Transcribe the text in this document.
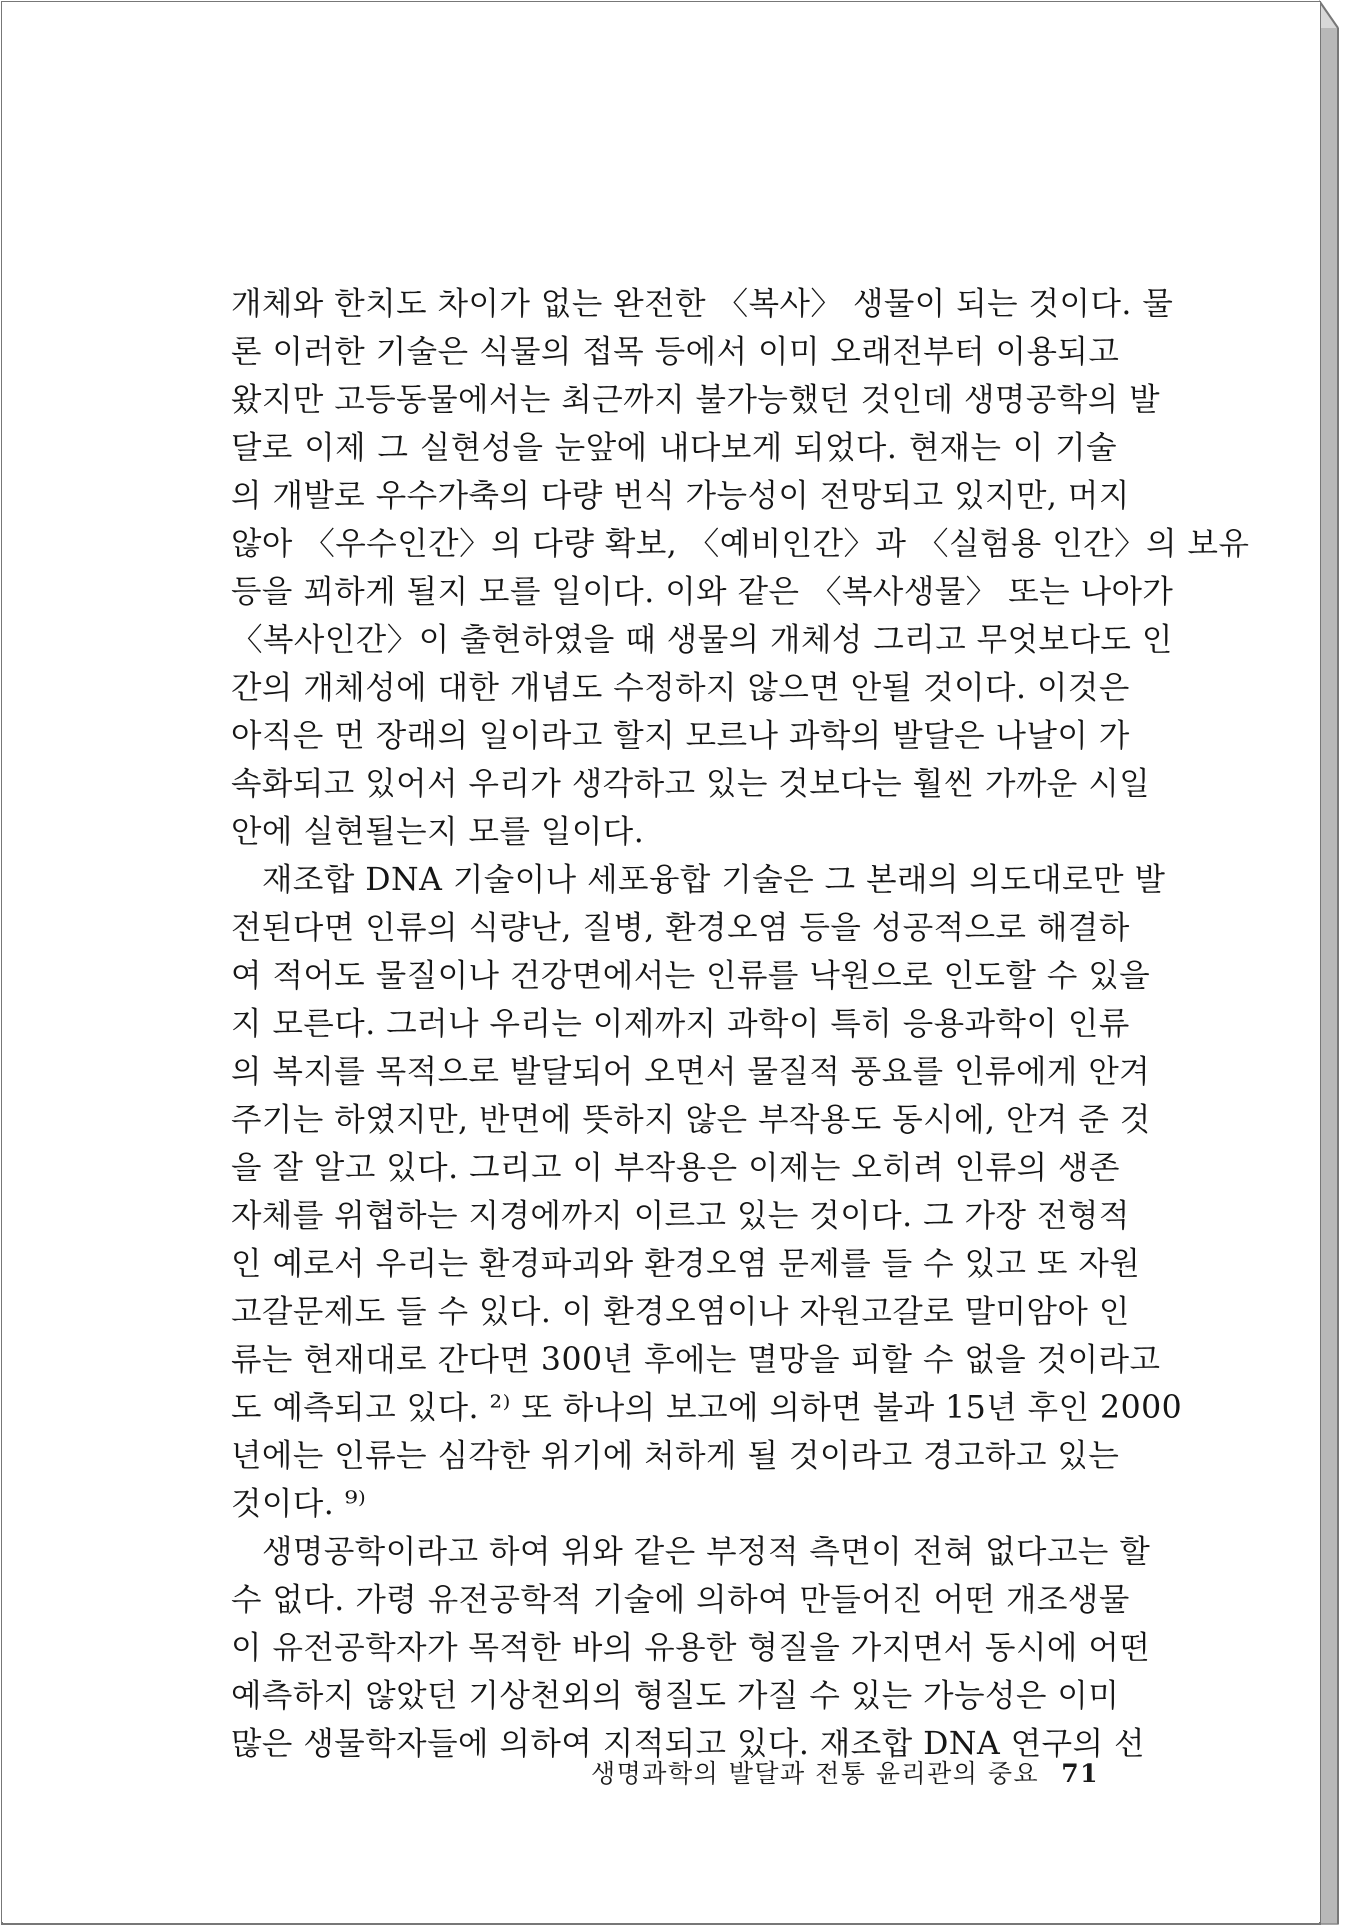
개체와 한치도 차이가 없는 완전한 〈복사〉 생물이 되는 것이다. 물
론 이러한 기술은 식물의 접목 등에서 이미 오래전부터 이용되고
왔지만 고등동물에서는 최근까지 불가능했던 것인데 생명공학의 발
달로 이제 그 실현성을 눈앞에 내다보게 되었다. 현재는 이 기술
의 개발로 우수가축의 다량 번식 가능성이 전망되고 있지만, 머지
않아 〈우수인간〉의 다량 확보, 〈예비인간〉과 〈실험용 인간〉의 보유
등을 꾀하게 될지 모를 일이다. 이와 같은 〈복사생물〉 또는 나아가
〈복사인간〉이 출현하였을 때 생물의 개체성 그리고 무엇보다도 인
간의 개체성에 대한 개념도 수정하지 않으면 안될 것이다. 이것은
아직은 먼 장래의 일이라고 할지 모르나 과학의 발달은 나날이 가
속화되고 있어서 우리가 생각하고 있는 것보다는 훨씬 가까운 시일
안에 실현될는지 모를 일이다.
재조합 DNA 기술이나 세포융합 기술은 그 본래의 의도대로만 발
전된다면 인류의 식량난, 질병, 환경오염 등을 성공적으로 해결하
여 적어도 물질이나 건강면에서는 인류를 낙원으로 인도할 수 있을
지 모른다. 그러나 우리는 이제까지 과학이 특히 응용과학이 인류
의 복지를 목적으로 발달되어 오면서 물질적 풍요를 인류에게 안겨
주기는 하였지만, 반면에 뜻하지 않은 부작용도 동시에, 안겨 준 것
을 잘 알고 있다. 그리고 이 부작용은 이제는 오히려 인류의 생존
자체를 위협하는 지경에까지 이르고 있는 것이다. 그 가장 전형적
인 예로서 우리는 환경파괴와 환경오염 문제를 들 수 있고 또 자원
고갈문제도 들 수 있다. 이 환경오염이나 자원고갈로 말미암아 인
류는 현재대로 간다면 300년 후에는 멸망을 피할 수 없을 것이라고
도 예측되고 있다. ²⁾ 또 하나의 보고에 의하면 불과 15년 후인 2000
년에는 인류는 심각한 위기에 처하게 될 것이라고 경고하고 있는
것이다. ⁹⁾
생명공학이라고 하여 위와 같은 부정적 측면이 전혀 없다고는 할
수 없다. 가령 유전공학적 기술에 의하여 만들어진 어떤 개조생물
이 유전공학자가 목적한 바의 유용한 형질을 가지면서 동시에 어떤
예측하지 않았던 기상천외의 형질도 가질 수 있는 가능성은 이미
많은 생물학자들에 의하여 지적되고 있다. 재조합 DNA 연구의 선
생명과학의 발달과 전통 윤리관의 중요 71
